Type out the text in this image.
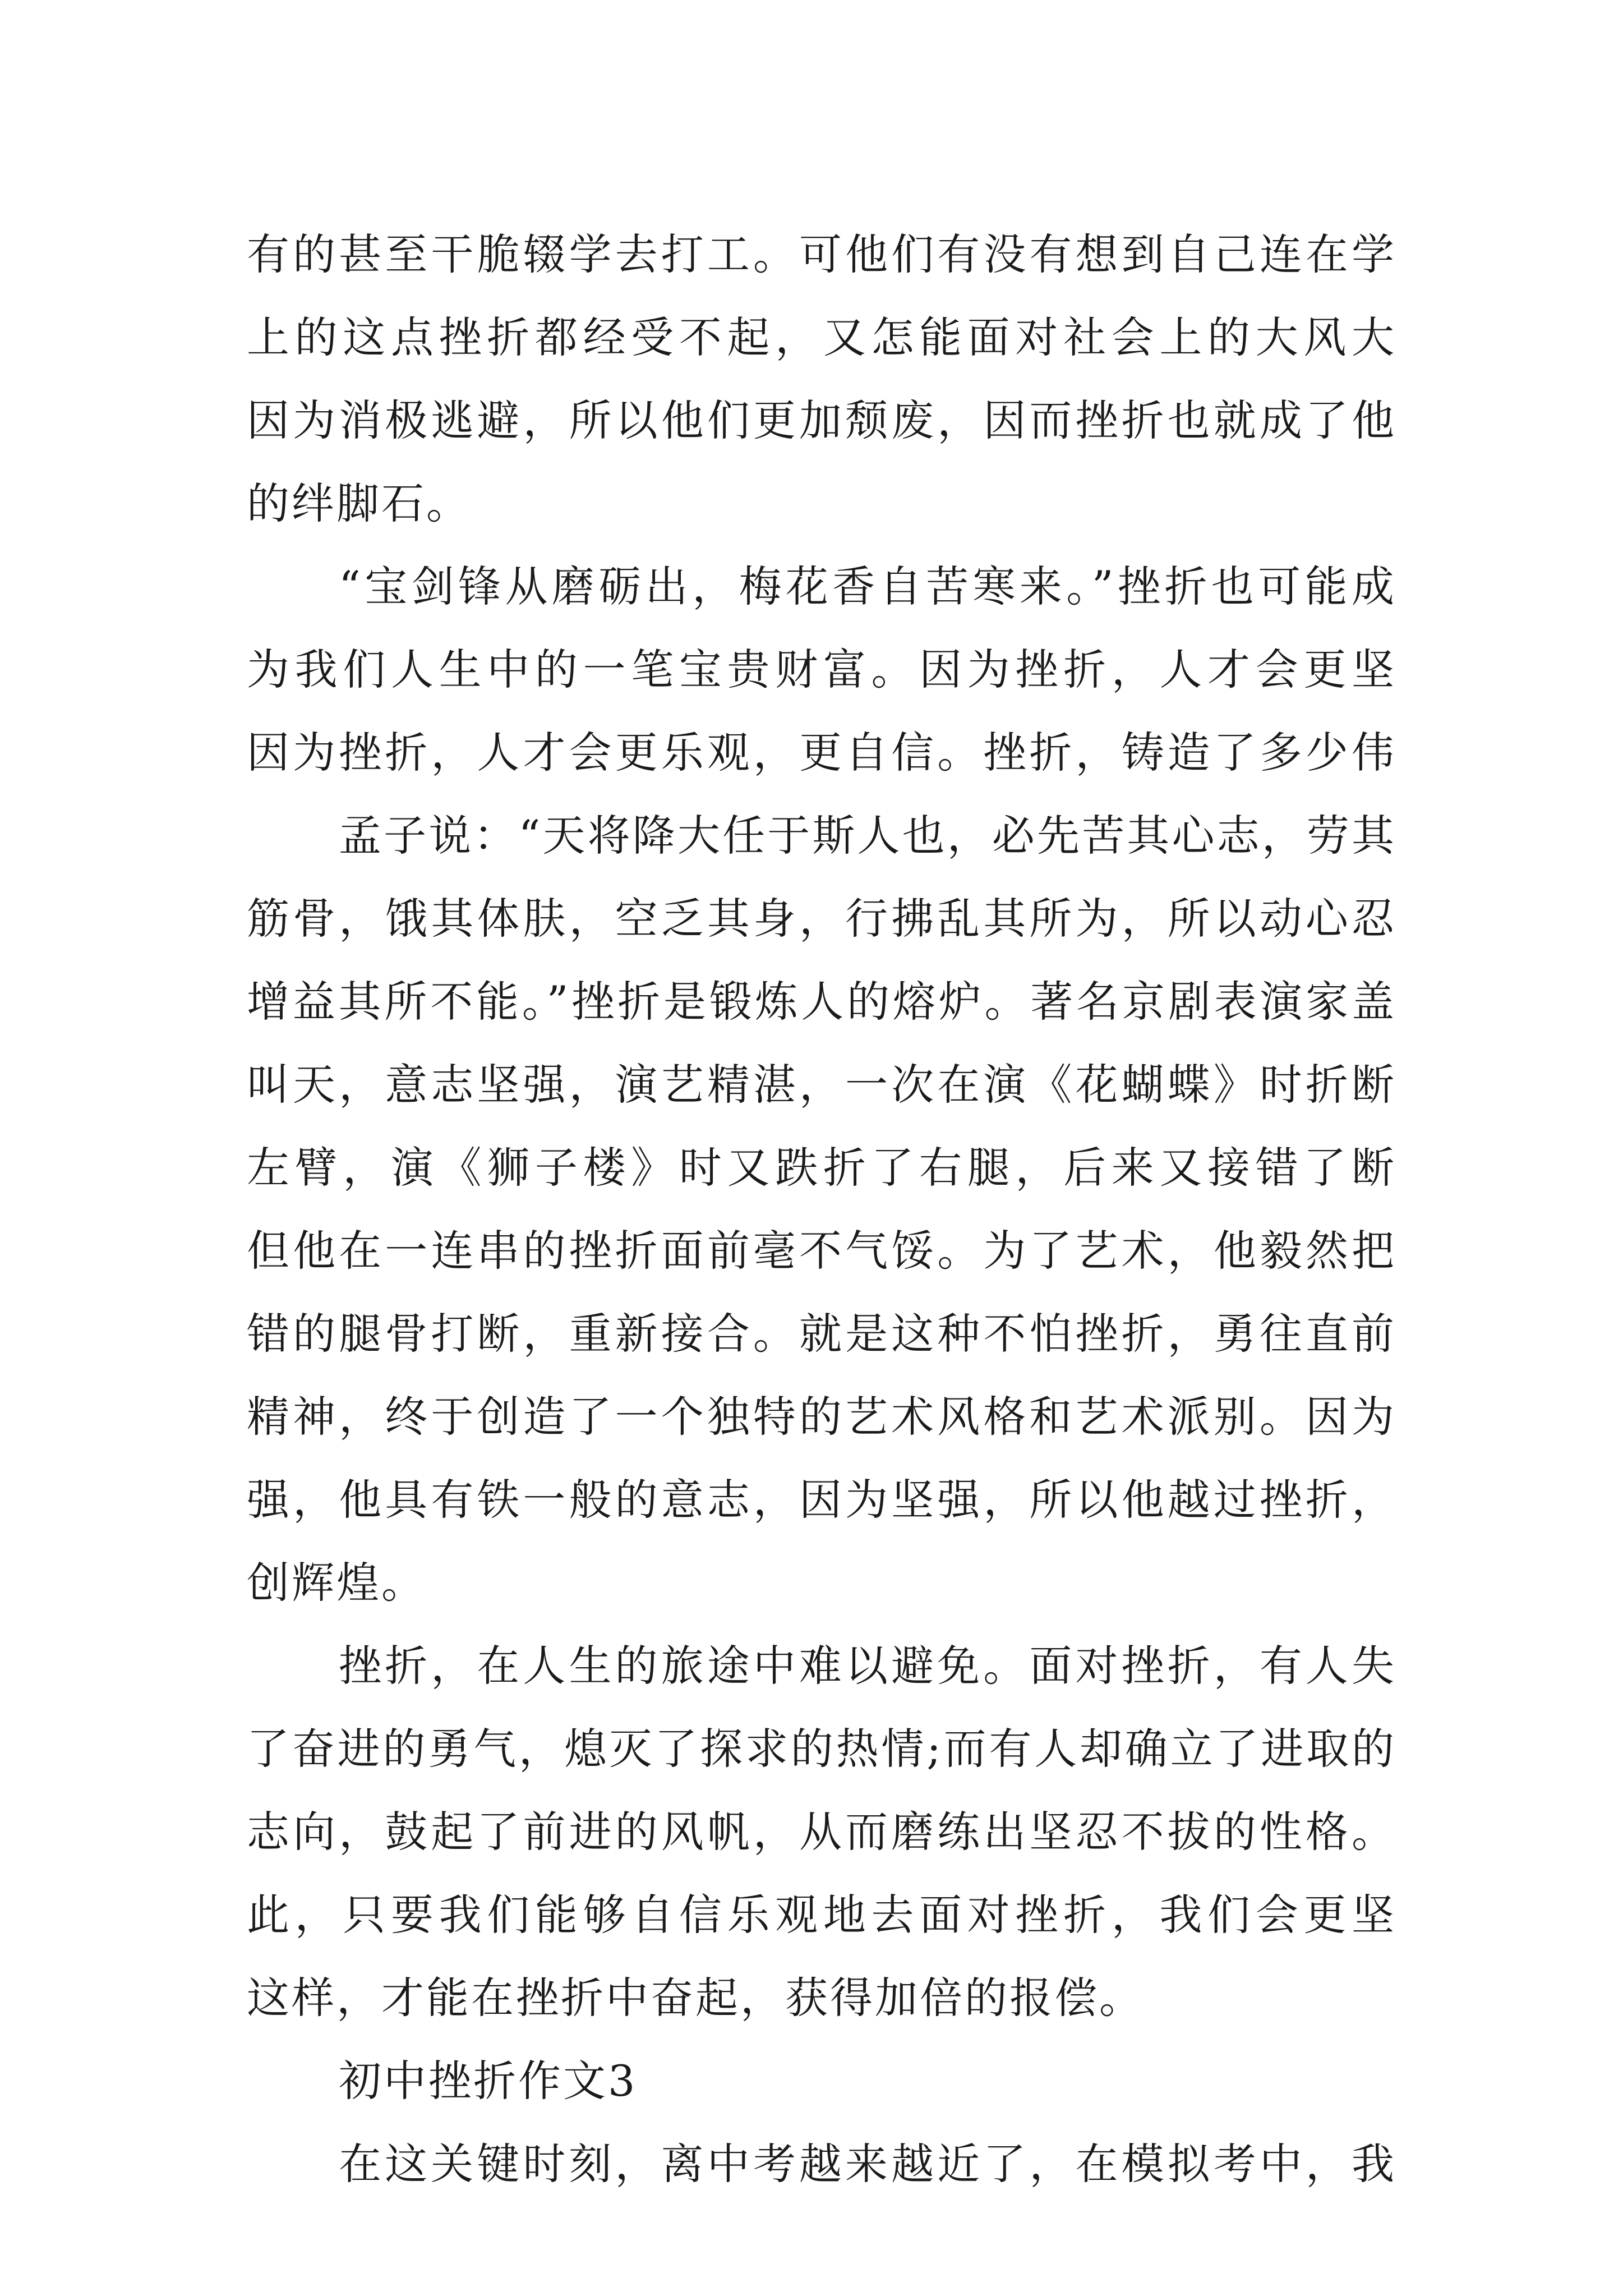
有的甚至干脆辍学去打工。可他们有没有想到自己连在学
上的这点挫折都经受不起，又怎能面对社会上的大风大
因为消极逃避，所以他们更加颓废，因而挫折也就成了他
的绊脚石。
“宝剑锋从磨砺出，梅花香自苦寒来。”挫折也可能成
为我们人生中的一笔宝贵财富。因为挫折，人才会更坚
因为挫折，人才会更乐观，更自信。挫折，铸造了多少伟
孟子说：“天将降大任于斯人也，必先苦其心志，劳其
筋骨，饿其体肤，空乏其身，行拂乱其所为，所以动心忍
增益其所不能。”挫折是锻炼人的熔炉。著名京剧表演家盖
叫天，意志坚强，演艺精湛，一次在演《花蝴蝶》时折断
左臂，演《狮子楼》时又跌折了右腿，后来又接错了断
但他在一连串的挫折面前毫不气馁。为了艺术，他毅然把
错的腿骨打断，重新接合。就是这种不怕挫折，勇往直前
精神，终于创造了一个独特的艺术风格和艺术派别。因为
强，他具有铁一般的意志，因为坚强，所以他越过挫折，
创辉煌。
挫折，在人生的旅途中难以避免。面对挫折，有人失
了奋进的勇气，熄灭了探求的热情;而有人却确立了进取的
志向，鼓起了前进的风帆，从而磨练出坚忍不拔的性格。
此，只要我们能够自信乐观地去面对挫折，我们会更坚
这样，才能在挫折中奋起，获得加倍的报偿。
初中挫折作文3
在这关键时刻，离中考越来越近了，在模拟考中，我
